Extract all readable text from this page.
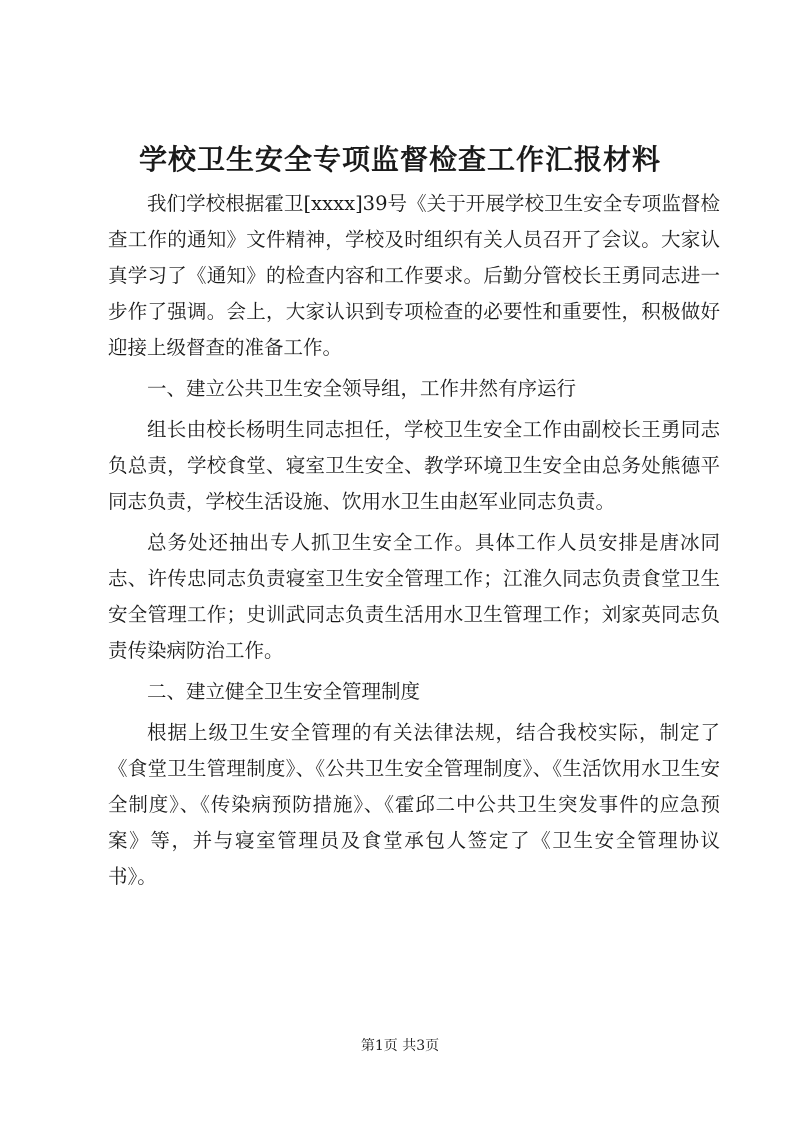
学校卫生安全专项监督检查工作汇报材料

我们学校根据霍卫[xxxx]39号《关于开展学校卫生安全专项监督检查工作的通知》文件精神，学校及时组织有关人员召开了会议。大家认真学习了《通知》的检查内容和工作要求。后勤分管校长王勇同志进一步作了强调。会上，大家认识到专项检查的必要性和重要性，积极做好迎接上级督查的准备工作。

一、建立公共卫生安全领导组，工作井然有序运行

组长由校长杨明生同志担任，学校卫生安全工作由副校长王勇同志负总责，学校食堂、寝室卫生安全、教学环境卫生安全由总务处熊德平同志负责，学校生活设施、饮用水卫生由赵军业同志负责。

总务处还抽出专人抓卫生安全工作。具体工作人员安排是唐冰同志、许传忠同志负责寝室卫生安全管理工作；江淮久同志负责食堂卫生安全管理工作；史训武同志负责生活用水卫生管理工作；刘家英同志负责传染病防治工作。

二、建立健全卫生安全管理制度

根据上级卫生安全管理的有关法律法规，结合我校实际，制定了《食堂卫生管理制度》、《公共卫生安全管理制度》、《生活饮用水卫生安全制度》、《传染病预防措施》、《霍邱二中公共卫生突发事件的应急预案》等，并与寝室管理员及食堂承包人签定了《卫生安全管理协议书》。

第1页 共3页
